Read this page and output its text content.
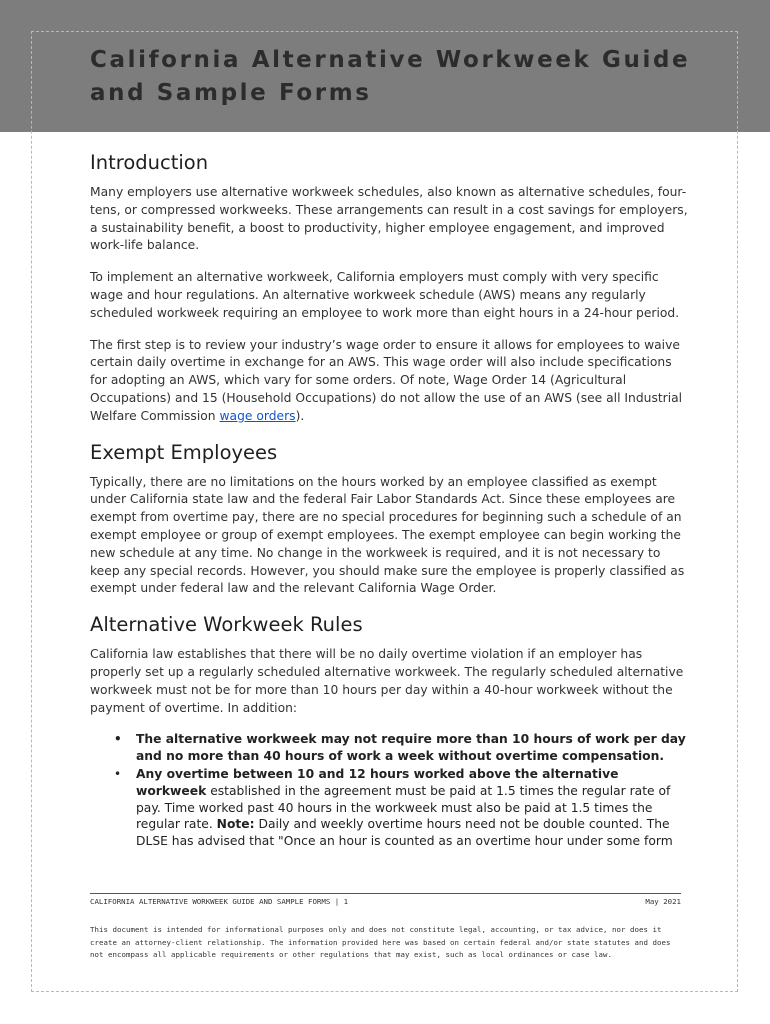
California Alternative Workweek Guide and Sample Forms
Introduction

Many employers use alternative workweek schedules, also known as alternative schedules, four-tens, or compressed workweeks. These arrangements can result in a cost savings for employers, a sustainability benefit, a boost to productivity, higher employee engagement, and improved work-life balance.

To implement an alternative workweek, California employers must comply with very specific wage and hour regulations. An alternative workweek schedule (AWS) means any regularly scheduled workweek requiring an employee to work more than eight hours in a 24-hour period.

The first step is to review your industry’s wage order to ensure it allows for employees to waive certain daily overtime in exchange for an AWS. This wage order will also include specifications for adopting an AWS, which vary for some orders. Of note, Wage Order 14 (Agricultural Occupations) and 15 (Household Occupations) do not allow the use of an AWS (see all Industrial Welfare Commission wage orders).

Exempt Employees

Typically, there are no limitations on the hours worked by an employee classified as exempt under California state law and the federal Fair Labor Standards Act. Since these employees are exempt from overtime pay, there are no special procedures for beginning such a schedule of an exempt employee or group of exempt employees. The exempt employee can begin working the new schedule at any time. No change in the workweek is required, and it is not necessary to keep any special records. However, you should make sure the employee is properly classified as exempt under federal law and the relevant California Wage Order.

Alternative Workweek Rules

California law establishes that there will be no daily overtime violation if an employer has properly set up a regularly scheduled alternative workweek. The regularly scheduled alternative workweek must not be for more than 10 hours per day within a 40-hour workweek without the payment of overtime. In addition:

• The alternative workweek may not require more than 10 hours of work per day and no more than 40 hours of work a week without overtime compensation.
• Any overtime between 10 and 12 hours worked above the alternative workweek established in the agreement must be paid at 1.5 times the regular rate of pay. Time worked past 40 hours in the workweek must also be paid at 1.5 times the regular rate. Note: Daily and weekly overtime hours need not be double counted. The DLSE has advised that "Once an hour is counted as an overtime hour under some form
CALIFORNIA ALTERNATIVE WORKWEEK GUIDE AND SAMPLE FORMS | 1	May 2021
This document is intended for informational purposes only and does not constitute legal, accounting, or tax advice, nor does it create an attorney-client relationship. The information provided here was based on certain federal and/or state statutes and does not encompass all applicable requirements or other regulations that may exist, such as local ordinances or case law.
